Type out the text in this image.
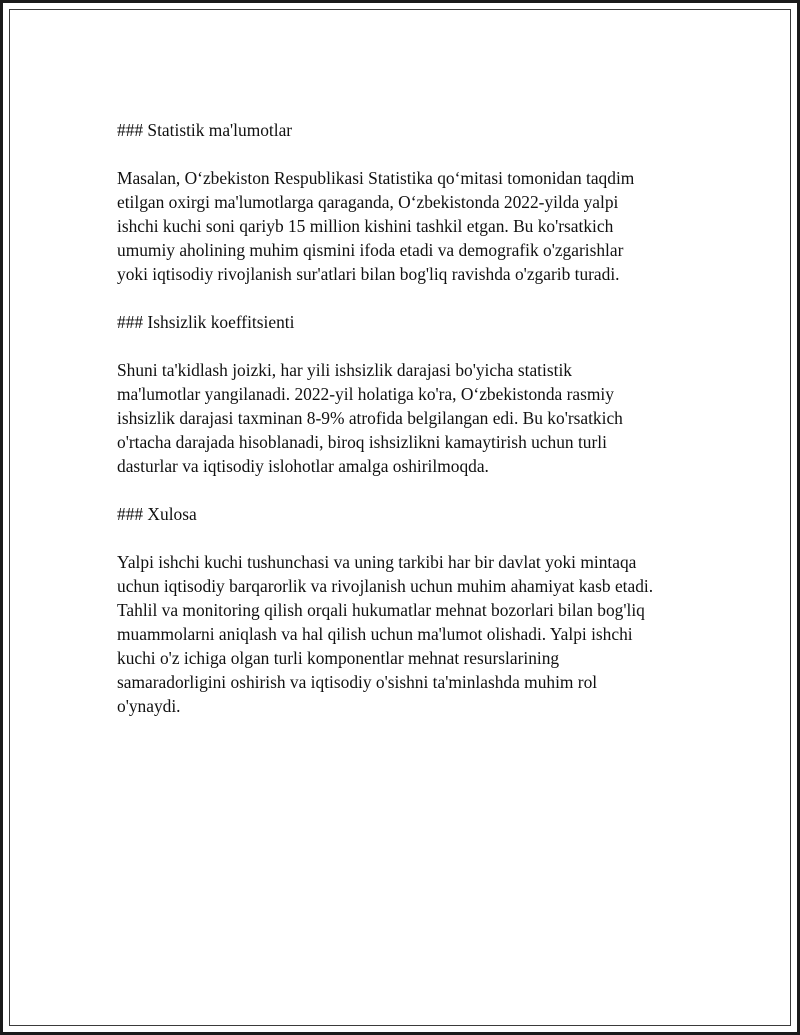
### Statistik ma'lumotlar

Masalan, O‘zbekiston Respublikasi Statistika qo‘mitasi tomonidan taqdim
etilgan oxirgi ma'lumotlarga qaraganda, O‘zbekistonda 2022-yilda yalpi
ishchi kuchi soni qariyb 15 million kishini tashkil etgan. Bu ko'rsatkich
umumiy aholining muhim qismini ifoda etadi va demografik o'zgarishlar
yoki iqtisodiy rivojlanish sur'atlari bilan bog'liq ravishda o'zgarib turadi.

### Ishsizlik koeffitsienti

Shuni ta'kidlash joizki, har yili ishsizlik darajasi bo'yicha statistik
ma'lumotlar yangilanadi. 2022-yil holatiga ko'ra, O‘zbekistonda rasmiy
ishsizlik darajasi taxminan 8-9% atrofida belgilangan edi. Bu ko'rsatkich
o'rtacha darajada hisoblanadi, biroq ishsizlikni kamaytirish uchun turli
dasturlar va iqtisodiy islohotlar amalga oshirilmoqda.

### Xulosa

Yalpi ishchi kuchi tushunchasi va uning tarkibi har bir davlat yoki mintaqa
uchun iqtisodiy barqarorlik va rivojlanish uchun muhim ahamiyat kasb etadi.
Tahlil va monitoring qilish orqali hukumatlar mehnat bozorlari bilan bog'liq
muammolarni aniqlash va hal qilish uchun ma'lumot olishadi. Yalpi ishchi
kuchi o'z ichiga olgan turli komponentlar mehnat resurslarining
samaradorligini oshirish va iqtisodiy o'sishni ta'minlashda muhim rol
o'ynaydi.
